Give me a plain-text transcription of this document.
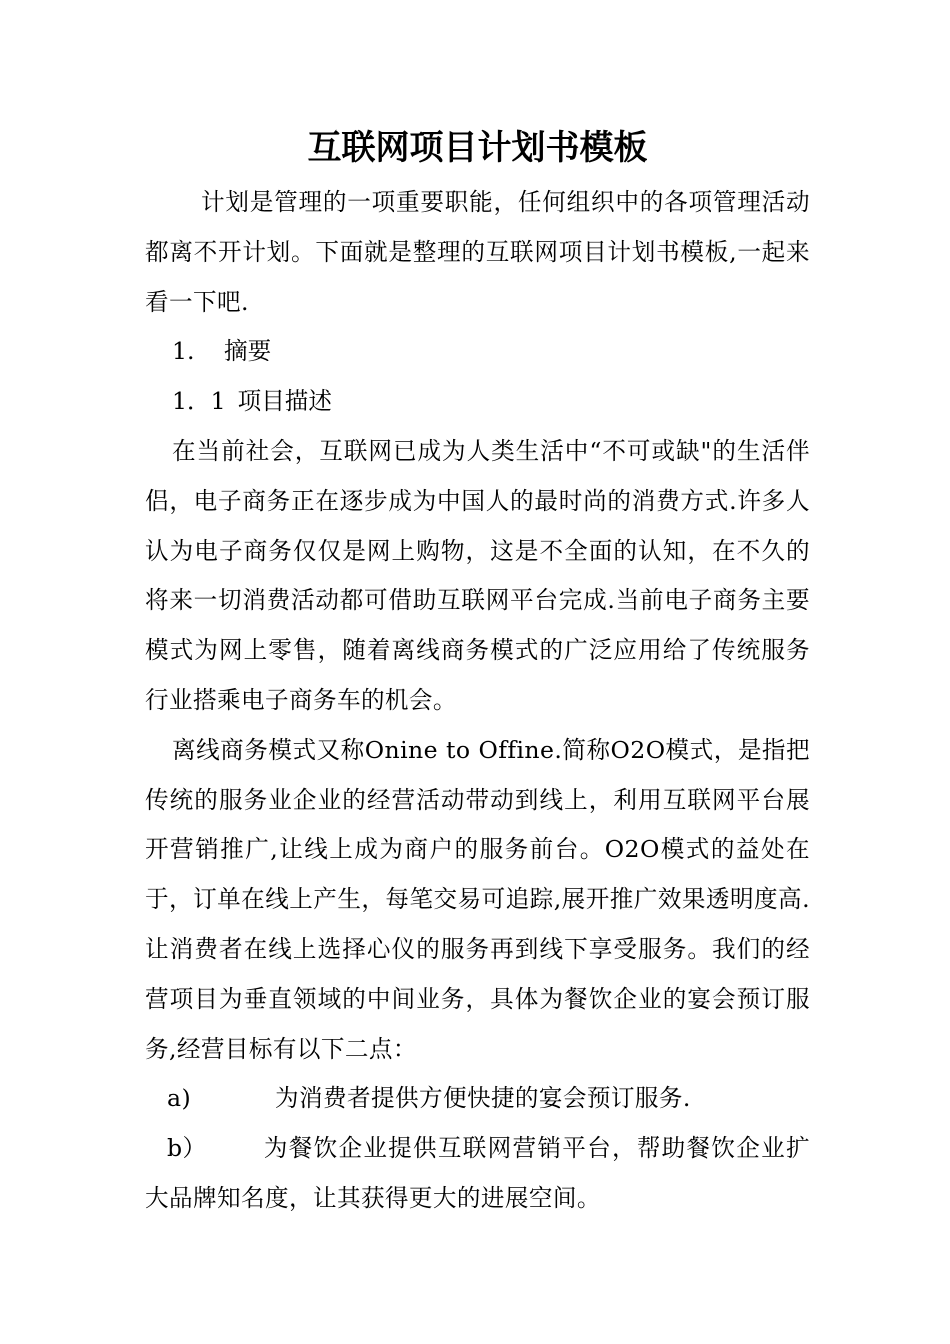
互联网项目计划书模板

计划是管理的一项重要职能，任何组织中的各项管理活动都离不开计划。下面就是整理的互联网项目计划书模板,一起来看一下吧.

1. 摘要

1．1 项目描述

在当前社会，互联网已成为人类生活中“不可或缺"的生活伴侣，电子商务正在逐步成为中国人的最时尚的消费方式.许多人认为电子商务仅仅是网上购物，这是不全面的认知，在不久的将来一切消费活动都可借助互联网平台完成.当前电子商务主要模式为网上零售，随着离线商务模式的广泛应用给了传统服务行业搭乘电子商务车的机会。

离线商务模式又称Onine to Offine.简称O2O模式，是指把传统的服务业企业的经营活动带动到线上，利用互联网平台展开营销推广,让线上成为商户的服务前台。O2O模式的益处在于，订单在线上产生，每笔交易可追踪,展开推广效果透明度高.让消费者在线上选择心仪的服务再到线下享受服务。我们的经营项目为垂直领域的中间业务，具体为餐饮企业的宴会预订服务,经营目标有以下二点：

a)	为消费者提供方便快捷的宴会预订服务.

b） 为餐饮企业提供互联网营销平台，帮助餐饮企业扩大品牌知名度，让其获得更大的进展空间。
